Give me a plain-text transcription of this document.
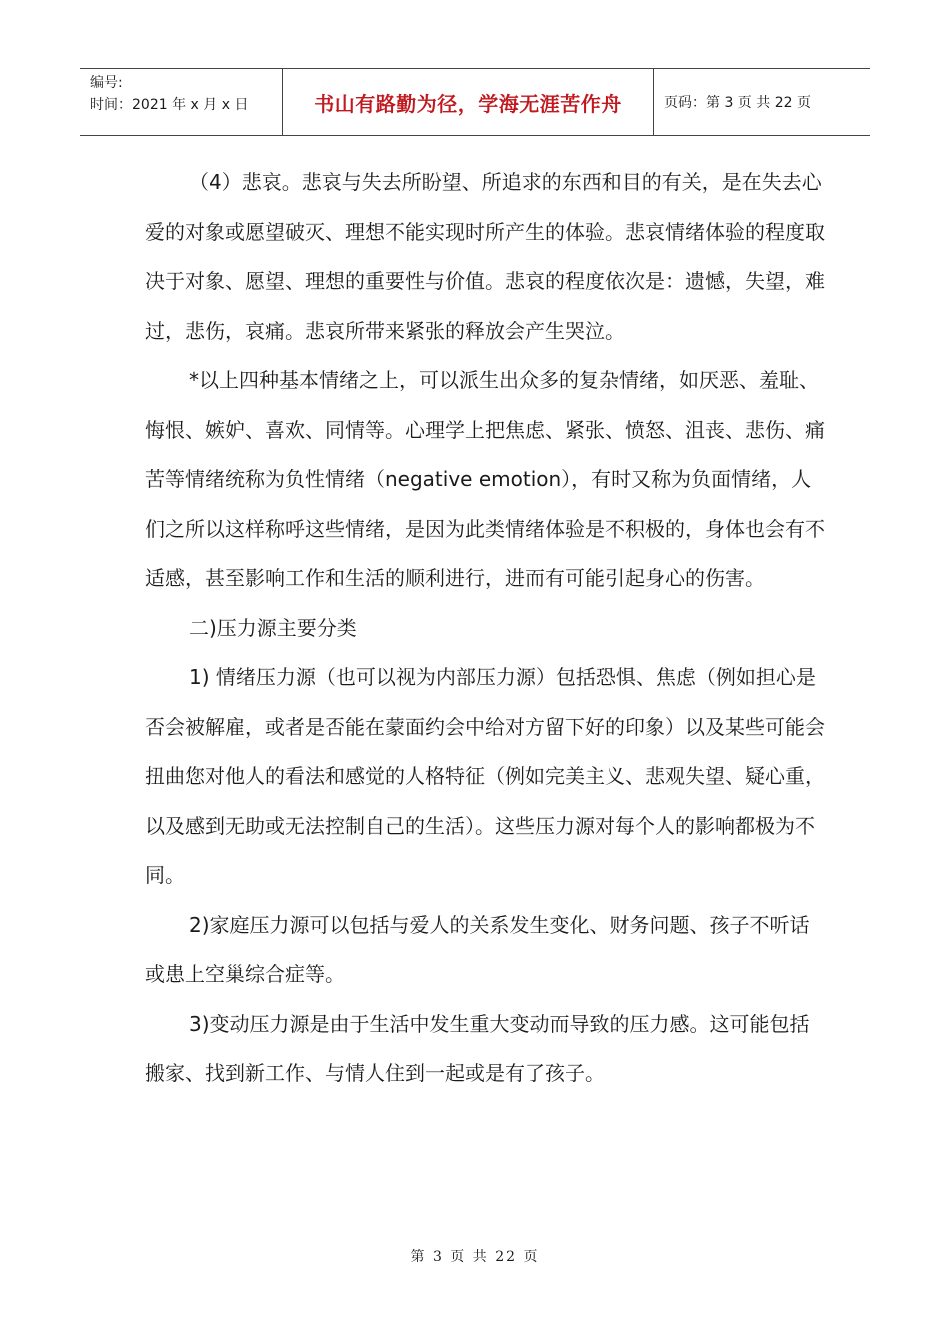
编号:
时间：2021 年 x 月 x 日	书山有路勤为径，学海无涯苦作舟	页码：第 3 页 共 22 页

（4）悲哀。悲哀与失去所盼望、所追求的东西和目的有关，是在失去心爱的对象或愿望破灭、理想不能实现时所产生的体验。悲哀情绪体验的程度取决于对象、愿望、理想的重要性与价值。悲哀的程度依次是：遗憾，失望，难过，悲伤，哀痛。悲哀所带来紧张的释放会产生哭泣。

*以上四种基本情绪之上，可以派生出众多的复杂情绪，如厌恶、羞耻、悔恨、嫉妒、喜欢、同情等。心理学上把焦虑、紧张、愤怒、沮丧、悲伤、痛苦等情绪统称为负性情绪（negative emotion），有时又称为负面情绪，人们之所以这样称呼这些情绪，是因为此类情绪体验是不积极的，身体也会有不适感，甚至影响工作和生活的顺利进行，进而有可能引起身心的伤害。

二)压力源主要分类

1) 情绪压力源（也可以视为内部压力源）包括恐惧、焦虑（例如担心是否会被解雇，或者是否能在蒙面约会中给对方留下好的印象）以及某些可能会扭曲您对他人的看法和感觉的人格特征（例如完美主义、悲观失望、疑心重，以及感到无助或无法控制自己的生活）。这些压力源对每个人的影响都极为不同。

2)家庭压力源可以包括与爱人的关系发生变化、财务问题、孩子不听话或患上空巢综合症等。

3)变动压力源是由于生活中发生重大变动而导致的压力感。这可能包括搬家、找到新工作、与情人住到一起或是有了孩子。

第 3 页 共 22 页
